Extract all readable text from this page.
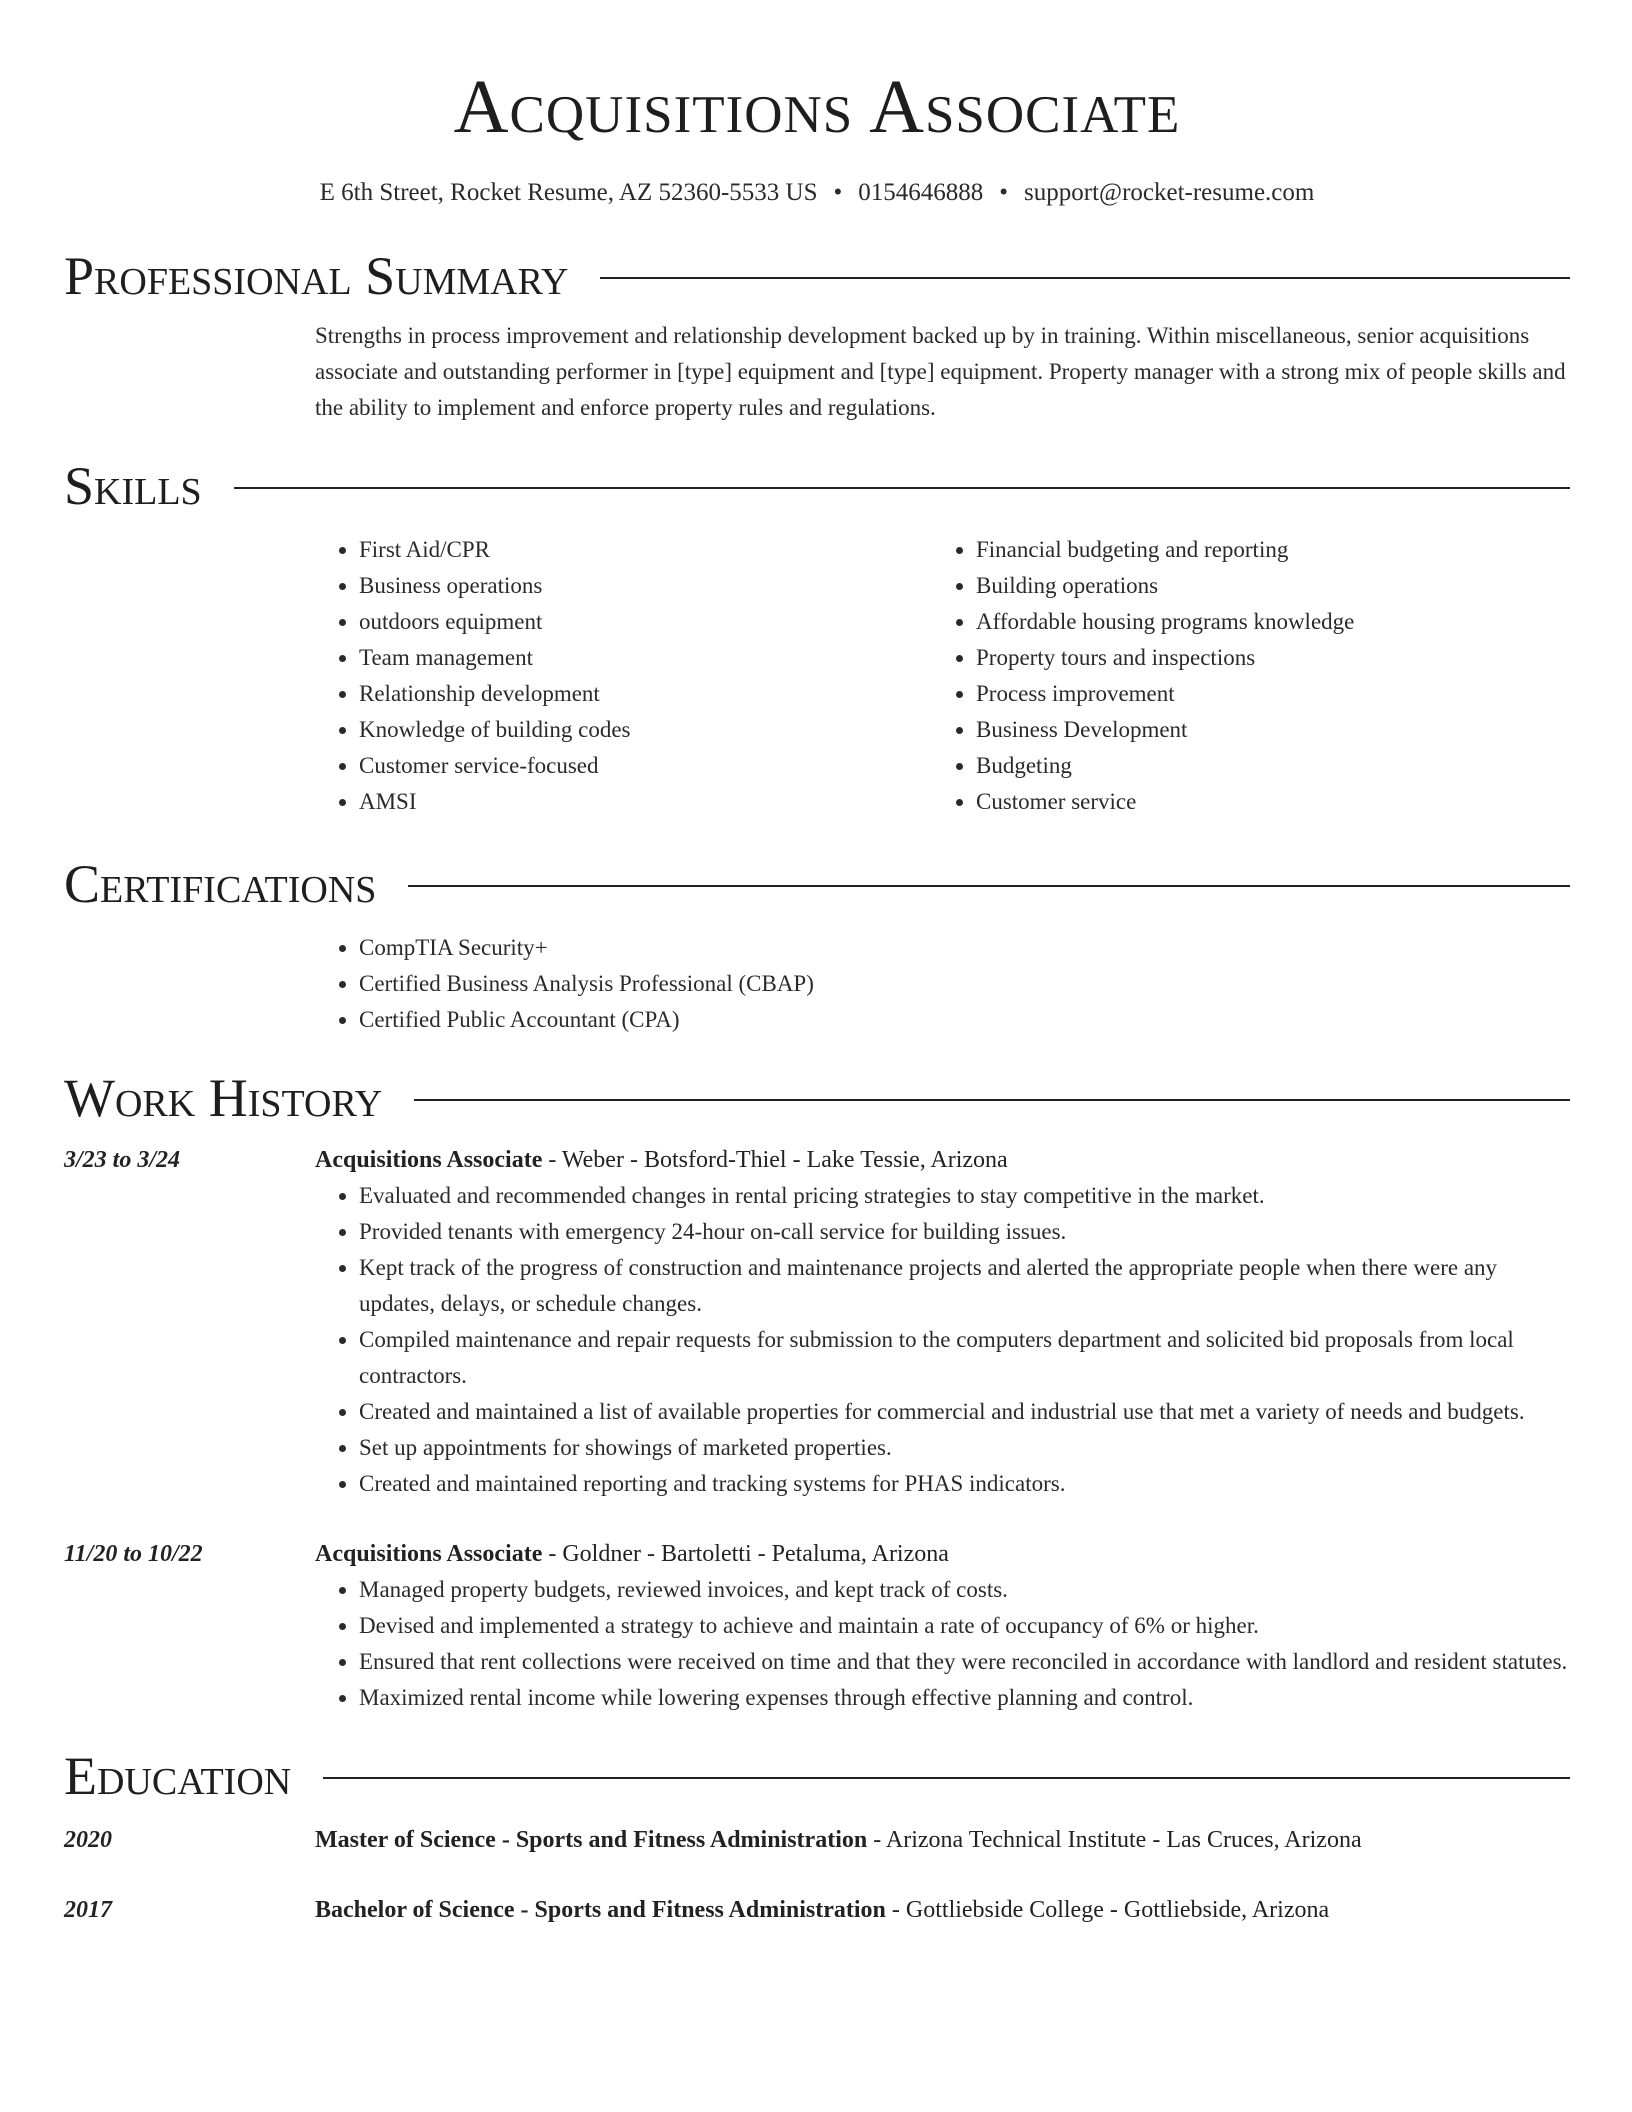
Acquisitions Associate
E 6th Street, Rocket Resume, AZ 52360-5533 US • 0154646888 • support@rocket-resume.com
Professional Summary

Strengths in process improvement and relationship development backed up by in training. Within miscellaneous, senior acquisitions associate and outstanding performer in [type] equipment and [type] equipment. Property manager with a strong mix of people skills and the ability to implement and enforce property rules and regulations.

Skills
• First Aid/CPR
• Business operations
• outdoors equipment
• Team management
• Relationship development
• Knowledge of building codes
• Customer service-focused
• AMSI
• Financial budgeting and reporting
• Building operations
• Affordable housing programs knowledge
• Property tours and inspections
• Process improvement
• Business Development
• Budgeting
• Customer service
Certifications
• CompTIA Security+
• Certified Business Analysis Professional (CBAP)
• Certified Public Accountant (CPA)
Work History
3/23 to 3/24	Acquisitions Associate - Weber - Botsford-Thiel - Lake Tessie, Arizona
• Evaluated and recommended changes in rental pricing strategies to stay competitive in the market.
• Provided tenants with emergency 24-hour on-call service for building issues.
• Kept track of the progress of construction and maintenance projects and alerted the appropriate people when there were any updates, delays, or schedule changes.
• Compiled maintenance and repair requests for submission to the computers department and solicited bid proposals from local contractors.
• Created and maintained a list of available properties for commercial and industrial use that met a variety of needs and budgets.
• Set up appointments for showings of marketed properties.
• Created and maintained reporting and tracking systems for PHAS indicators.
11/20 to 10/22	Acquisitions Associate - Goldner - Bartoletti - Petaluma, Arizona
• Managed property budgets, reviewed invoices, and kept track of costs.
• Devised and implemented a strategy to achieve and maintain a rate of occupancy of 6% or higher.
• Ensured that rent collections were received on time and that they were reconciled in accordance with landlord and resident statutes.
• Maximized rental income while lowering expenses through effective planning and control.
Education
2020	Master of Science - Sports and Fitness Administration - Arizona Technical Institute - Las Cruces, Arizona
2017	Bachelor of Science - Sports and Fitness Administration - Gottliebside College - Gottliebside, Arizona
